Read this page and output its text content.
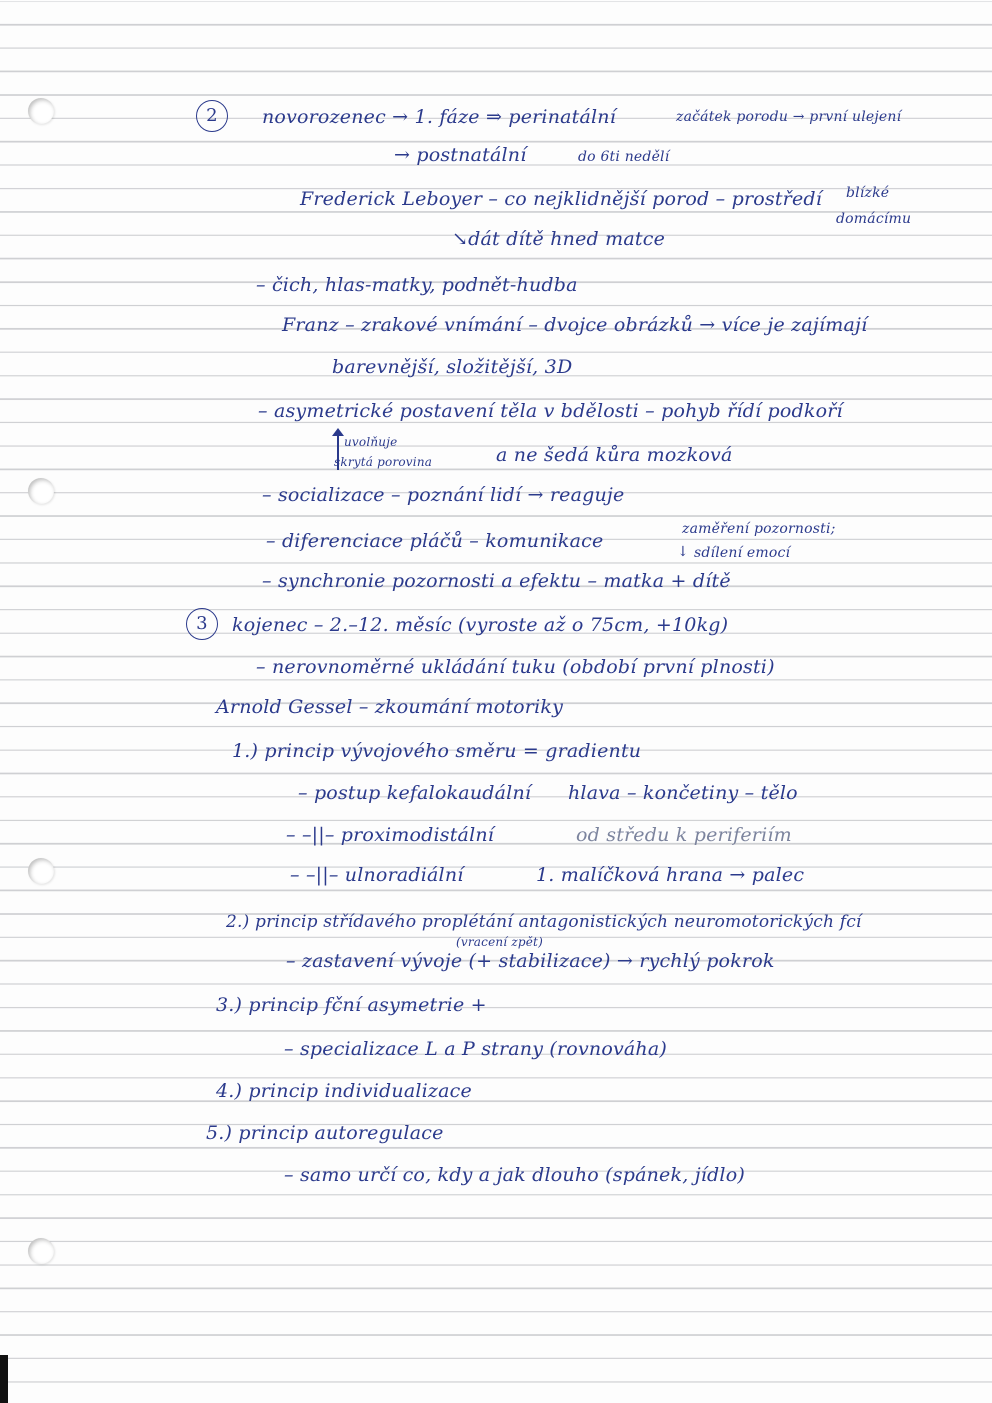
2	novorozenec → 1. fáze ⇒ perinatální	začátek porodu → první ulejení
→ postnatální	do 6ti nedělí
Frederick Leboyer – co nejklidnější porod – prostředí blízké
domácímu
↘dát dítě hned matce
– čich, hlas-matky, podnět-hudba
Franz – zrakové vnímání – dvojce obrázků → více je zajímají
barevnější, složitější, 3D
– asymetrické postavení těla v bdělosti – pohyb řídí podkoří
uvolňuje
skrytá porovina	a ne šedá kůra mozková
– socializace – poznání lidí → reaguje
– diferenciace pláčů – komunikace
zaměření pozornosti;
↓ sdílení emocí
– synchronie pozornosti a efektu – matka + dítě
3	kojenec – 2.–12. měsíc (vyroste až o 75cm, +10kg)
– nerovnoměrné ukládání tuku (období první plnosti)
Arnold Gessel – zkoumání motoriky
1.) princip vývojového směru = gradientu
– postup kefalokaudální hlava – končetiny – tělo
– –||– proximodistální	od středu k periferiím
– –||– ulnoradiální	1. malíčková hrana → palec
2.) princip střídavého proplétání antagonistických neuromotorických fcí
(vracení zpět)
– zastavení vývoje (+ stabilizace) → rychlý pokrok
3.) princip fční asymetrie +
– specializace L a P strany (rovnováha)
4.) princip individualizace
5.) princip autoregulace
– samo určí co, kdy a jak dlouho (spánek, jídlo)
